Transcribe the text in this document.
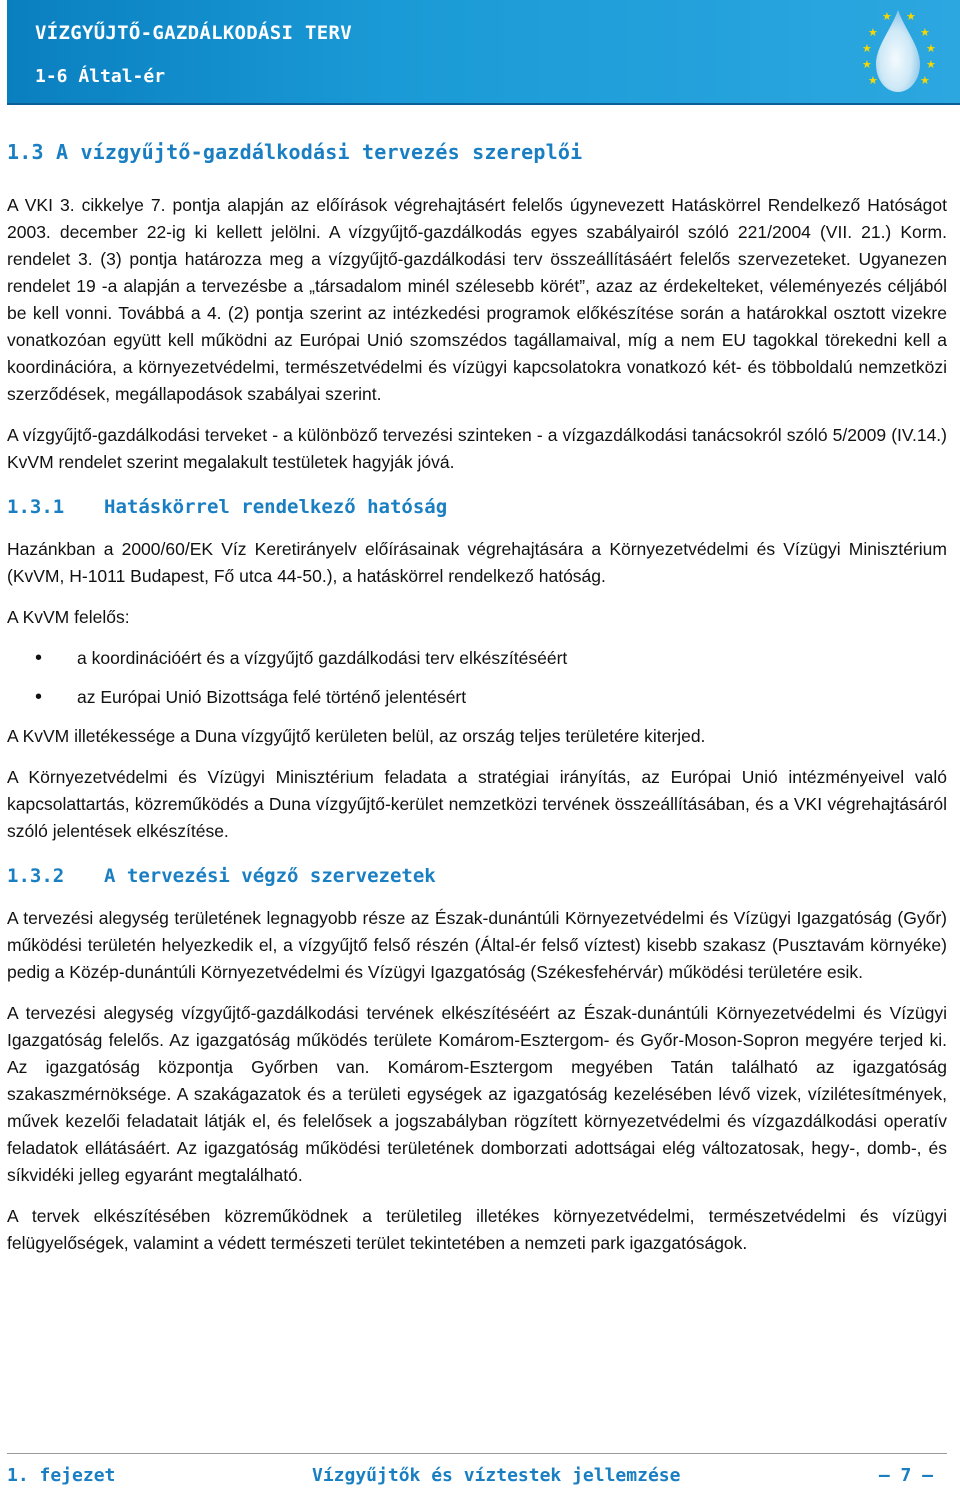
VÍZGYŰJTŐ-GAZDÁLKODÁSI TERV
1-6 Által-ér
★
★
★
★
★
★
★
★
★ ★
1.3 A vízgyűjtő-gazdálkodási tervezés szereplői

A VKI 3. cikkelye 7. pontja alapján az előírások végrehajtásért felelős úgynevezett Hatáskörrel Rendelkező Hatóságot 2003. december 22-ig ki kellett jelölni. A vízgyűjtő-gazdálkodás egyes szabályairól szóló 221/2004 (VII. 21.) Korm. rendelet 3. (3) pontja határozza meg a vízgyűjtő-gazdálkodási terv összeállításáért felelős szervezeteket. Ugyanezen rendelet 19 -a alapján a tervezésbe a „társadalom minél szélesebb körét”, azaz az érdekelteket, véleményezés céljából be kell vonni. Továbbá a 4. (2) pontja szerint az intézkedési programok előkészítése során a határokkal osztott vizekre vonatkozóan együtt kell működni az Európai Unió szomszédos tagállamaival, míg a nem EU tagokkal törekedni kell a koordinációra, a környezetvédelmi, természetvédelmi és vízügyi kapcsolatokra vonatkozó két- és többoldalú nemzetközi szerződések, megállapodások szabályai szerint.

A vízgyűjtő-gazdálkodási terveket - a különböző tervezési szinteken - a vízgazdálkodási tanácsokról szóló 5/2009 (IV.14.) KvVM rendelet szerint megalakult testületek hagyják jóvá.

1.3.1	Hatáskörrel rendelkező hatóság

Hazánkban a 2000/60/EK Víz Keretirányelv előírásainak végrehajtására a Környezetvédelmi és Vízügyi Minisztérium (KvVM, H-1011 Budapest, Fő utca 44-50.), a hatáskörrel rendelkező hatóság.

A KvVM felelős:

• a koordinációért és a vízgyűjtő gazdálkodási terv elkészítéséért
• az Európai Unió Bizottsága felé történő jelentésért

A KvVM illetékessége a Duna vízgyűjtő kerületen belül, az ország teljes területére kiterjed.

A Környezetvédelmi és Vízügyi Minisztérium feladata a stratégiai irányítás, az Európai Unió intézményeivel való kapcsolattartás, közreműködés a Duna vízgyűjtő-kerület nemzetközi tervének összeállításában, és a VKI végrehajtásáról szóló jelentések elkészítése.

1.3.2	A tervezési végző szervezetek

A tervezési alegység területének legnagyobb része az Észak-dunántúli Környezetvédelmi és Vízügyi Igazgatóság (Győr) működési területén helyezkedik el, a vízgyűjtő felső részén (Által-ér felső víztest) kisebb szakasz (Pusztavám környéke) pedig a Közép-dunántúli Környezetvédelmi és Vízügyi Igazgatóság (Székesfehérvár) működési területére esik.

A tervezési alegység vízgyűjtő-gazdálkodási tervének elkészítéséért az Észak-dunántúli Környezetvédelmi és Vízügyi Igazgatóság felelős. Az igazgatóság működés területe Komárom-Esztergom- és Győr-Moson-Sopron megyére terjed ki. Az igazgatóság központja Győrben van. Komárom-Esztergom megyében Tatán található az igazgatóság szakaszmérnöksége. A szakágazatok és a területi egységek az igazgatóság kezelésében lévő vizek, vízilétesítmények, művek kezelői feladatait látják el, és felelősek a jogszabályban rögzített környezetvédelmi és vízgazdálkodási operatív feladatok ellátásáért. Az igazgatóság működési területének domborzati adottságai elég változatosak, hegy-, domb-, és síkvidéki jelleg egyaránt megtalálható.

A tervek elkészítésében közreműködnek a területileg illetékes környezetvédelmi, természetvédelmi és vízügyi felügyelőségek, valamint a védett természeti terület tekintetében a nemzeti park igazgatóságok.

1. fejezet	Vízgyűjtők és víztestek jellemzése	— 7 —
